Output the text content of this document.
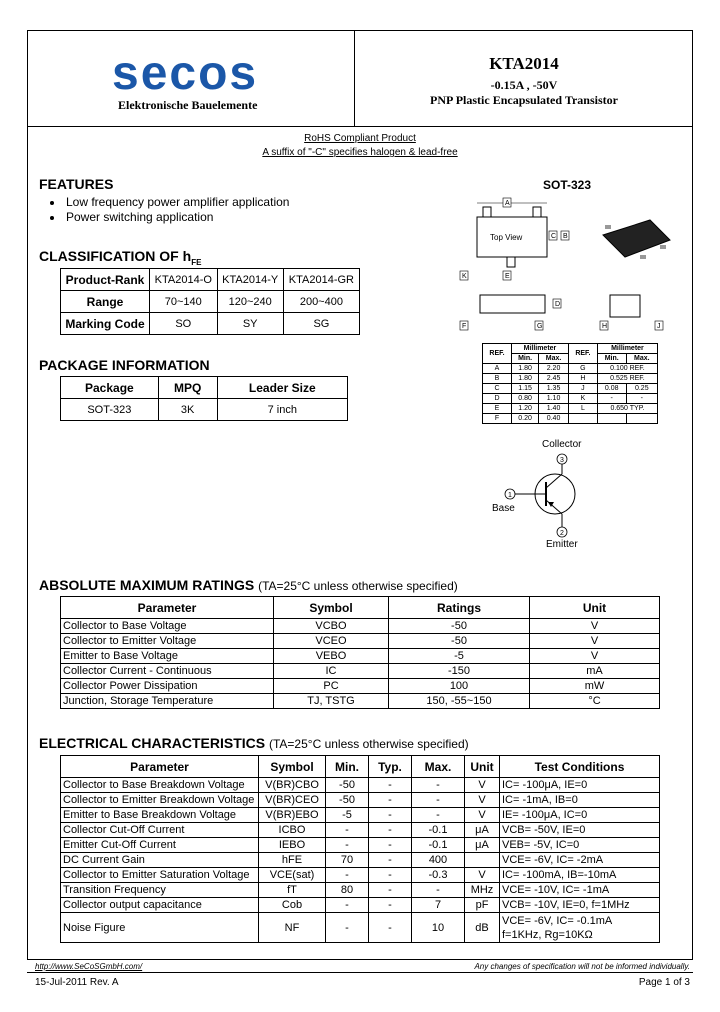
secos
Elektronische Bauelemente
KTA2014
-0.15A , -50V
PNP Plastic Encapsulated Transistor
RoHS Compliant Product
A suffix of "-C" specifies halogen & lead-free
FEATURES
Low frequency power amplifier application
Power switching application
CLASSIFICATION OF $h_{FE}$
Product-Rank	KTA2014-O	KTA2014-Y	KTA2014-GR
Range	70~140	120~240	200~400
Marking Code	SO	SY	SG
PACKAGE INFORMATION
Package	MPQ	Leader Size
SOT-323	3K	7 inch
SOT-323
Top View
A
C B
K	E
D
F	G	H	J
REF.	Millimeter		REF.	Millimeter	
	Min.	Max.		Min.	Max.
A	1.80	2.20	G	0.100 REF.	
B	1.80	2.45	H	0.525 REF.	
C	1.15	1.35	J	0.08	0.25
D	0.80	1.10	K	-	-
E	1.20	1.40	L	0.650 TYP.	
F	0.20	0.40			
Collector
Base
Emitter
3
1
2
ABSOLUTE MAXIMUM RATINGS (TA=25°C unless otherwise specified)
Parameter	Symbol	Ratings	Unit
Collector to Base Voltage	VCBO	-50	V
Collector to Emitter Voltage	VCEO	-50	V
Emitter to Base Voltage	VEBO	-5	V
Collector Current - Continuous	IC	-150	mA
Collector Power Dissipation	PC	100	mW
Junction, Storage Temperature	TJ, TSTG	150, -55~150	°C
ELECTRICAL CHARACTERISTICS (TA=25°C unless otherwise specified)
Parameter	Symbol	Min.	Typ.	Max.	Unit	Test Conditions
Collector to Base Breakdown Voltage	V(BR)CBO	-50	-	-	V	IC= -100μA, IE=0
Collector to Emitter Breakdown Voltage	V(BR)CEO	-50	-	-	V	IC= -1mA, IB=0
Emitter to Base Breakdown Voltage	V(BR)EBO	-5	-	-	V	IE= -100μA, IC=0
Collector Cut-Off Current	ICBO	-	-	-0.1	μA	VCB= -50V, IE=0
Emitter Cut-Off Current	IEBO	-	-	-0.1	μA	VEB= -5V, IC=0
DC Current Gain	hFE	70	-	400		VCE= -6V, IC= -2mA
Collector to Emitter Saturation Voltage	VCE(sat)	-	-	-0.3	V	IC= -100mA, IB=-10mA
Transition Frequency	fT	80	-	-	MHz	VCE= -10V, IC= -1mA
Collector output capacitance	Cob	-	-	7	pF	VCB= -10V, IE=0, f=1MHz
Noise Figure	NF	-	-	10	dB	VCE= -6V, IC= -0.1mA
f=1KHz, Rg=10KΩ
http://www.SeCoSGmbH.com/	Any changes of specification will not be informed individually.
15-Jul-2011 Rev. A	Page 1 of 3
